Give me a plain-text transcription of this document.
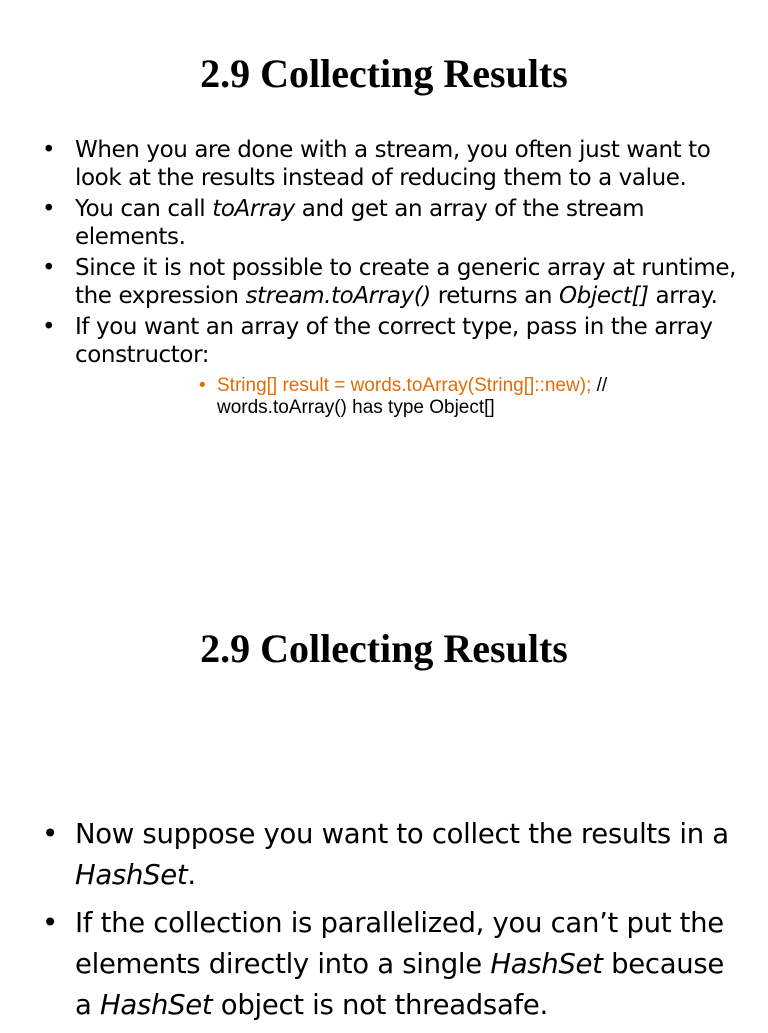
2.9 Collecting Results
• When you are done with a stream, you often just want to look at the results instead of reducing them to a value.
• You can call toArray and get an array of the stream elements.
• Since it is not possible to create a generic array at runtime, the expression stream.toArray() returns an Object[] array.
• If you want an array of the correct type, pass in the array constructor:
• String[] result = words.toArray(String[]::new); // words.toArray() has type Object[]
2.9 Collecting Results
• Now suppose you want to collect the results in a HashSet.
• If the collection is parallelized, you can’t put the elements directly into a single HashSet because a HashSet object is not threadsafe.
